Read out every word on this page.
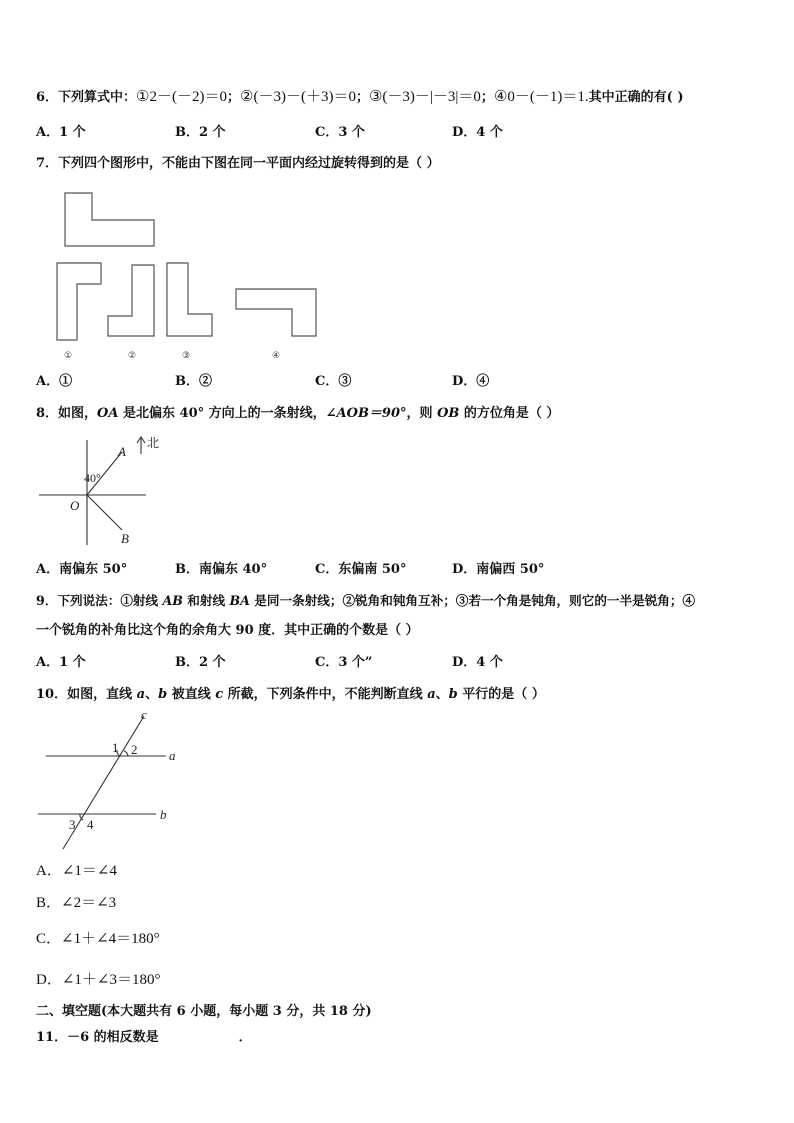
6．下列算式中：①2－(－2)＝0；②(－3)－(＋3)＝0；③(－3)－|－3|＝0；④0－(－1)＝1.其中正确的有( )
A．1 个	B．2 个	C．3 个	D．4 个
7．下列四个图形中，不能由下图在同一平面内经过旋转得到的是（ ）
①	②	③	④
A．①	B．②	C．③	D．④
8．如图，OA 是北偏东 40° 方向上的一条射线，∠AOB＝90°，则 OB 的方位角是（ ）
北
40°
A
B
O
A．南偏东 50°	B．南偏东 40°	C．东偏南 50°	D．南偏西 50°
9．下列说法：①射线 AB 和射线 BA 是同一条射线；②锐角和钝角互补；③若一个角是钝角，则它的一半是锐角；④
一个锐角的补角比这个角的余角大 90 度．其中正确的个数是（ ）
A．1 个	B．2 个	C．3 个”	D．4 个
10．如图，直线 a、b 被直线 c 所截，下列条件中，不能判断直线 a、b 平行的是（ ）
c
a
b
1 2
3 4
A．∠1＝∠4
B．∠2＝∠3
C．∠1＋∠4＝180°
D．∠1＋∠3＝180°
二、填空题(本大题共有 6 小题，每小题 3 分，共 18 分)
11．－6 的相反数是	．
